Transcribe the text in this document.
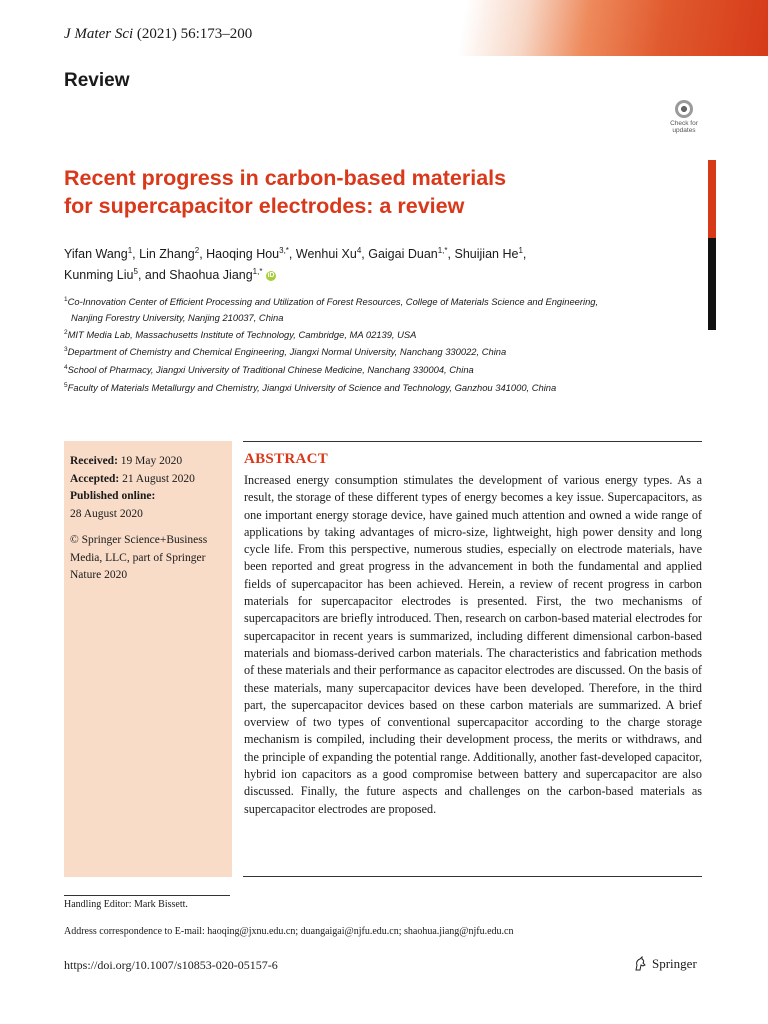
J Mater Sci (2021) 56:173–200
Review
Check for
updates
Recent progress in carbon-based materials
for supercapacitor electrodes: a review
Yifan Wang$^1$, Lin Zhang$^2$, Haoqing Hou$^{3,*}$, Wenhui Xu$^4$, Gaigai Duan$^{1,*}$, Shuijian He$^1$,
Kunming Liu$^5$, and Shaohua Jiang$^{1,*}$ iD
$^1$Co-Innovation Center of Efficient Processing and Utilization of Forest Resources, College of Materials Science and Engineering,
Nanjing Forestry University, Nanjing 210037, China
$^2$MIT Media Lab, Massachusetts Institute of Technology, Cambridge, MA 02139, USA
$^3$Department of Chemistry and Chemical Engineering, Jiangxi Normal University, Nanchang 330022, China
$^4$School of Pharmacy, Jiangxi University of Traditional Chinese Medicine, Nanchang 330004, China
$^5$Faculty of Materials Metallurgy and Chemistry, Jiangxi University of Science and Technology, Ganzhou 341000, China
Received: 19 May 2020
Accepted: 21 August 2020
Published online:
28 August 2020
© Springer Science+Business Media, LLC, part of Springer Nature 2020
ABSTRACT
Increased energy consumption stimulates the development of various energy types. As a result, the storage of these different types of energy becomes a key issue. Supercapacitors, as one important energy storage device, have gained much attention and owned a wide range of applications by taking advantages of micro-size, lightweight, high power density and long cycle life. From this perspective, numerous studies, especially on electrode materials, have been reported and great progress in the advancement in both the fundamental and applied fields of supercapacitor has been achieved. Herein, a review of recent progress in carbon materials for supercapacitor electrodes is presented. First, the two mechanisms of supercapacitors are briefly introduced. Then, research on carbon-based material electrodes for supercapacitor in recent years is summarized, including different dimensional carbon-based materials and biomass-derived carbon materials. The characteristics and fabrication methods of these materials and their performance as capacitor electrodes are discussed. On the basis of these materials, many supercapacitor devices have been developed. Therefore, in the third part, the supercapacitor devices based on these carbon materials are summarized. A brief overview of two types of conventional supercapacitor according to the charge storage mechanism is compiled, including their development process, the merits or withdraws, and the principle of expanding the potential range. Additionally, another fast-developed capacitor, hybrid ion capacitors as a good compromise between battery and supercapacitor are also discussed. Finally, the future aspects and challenges on the carbon-based materials as supercapacitor electrodes are proposed.
Handling Editor: Mark Bissett.
Address correspondence to E-mail: haoqing@jxnu.edu.cn; duangaigai@njfu.edu.cn; shaohua.jiang@njfu.edu.cn
https://doi.org/10.1007/s10853-020-05157-6	Springer
